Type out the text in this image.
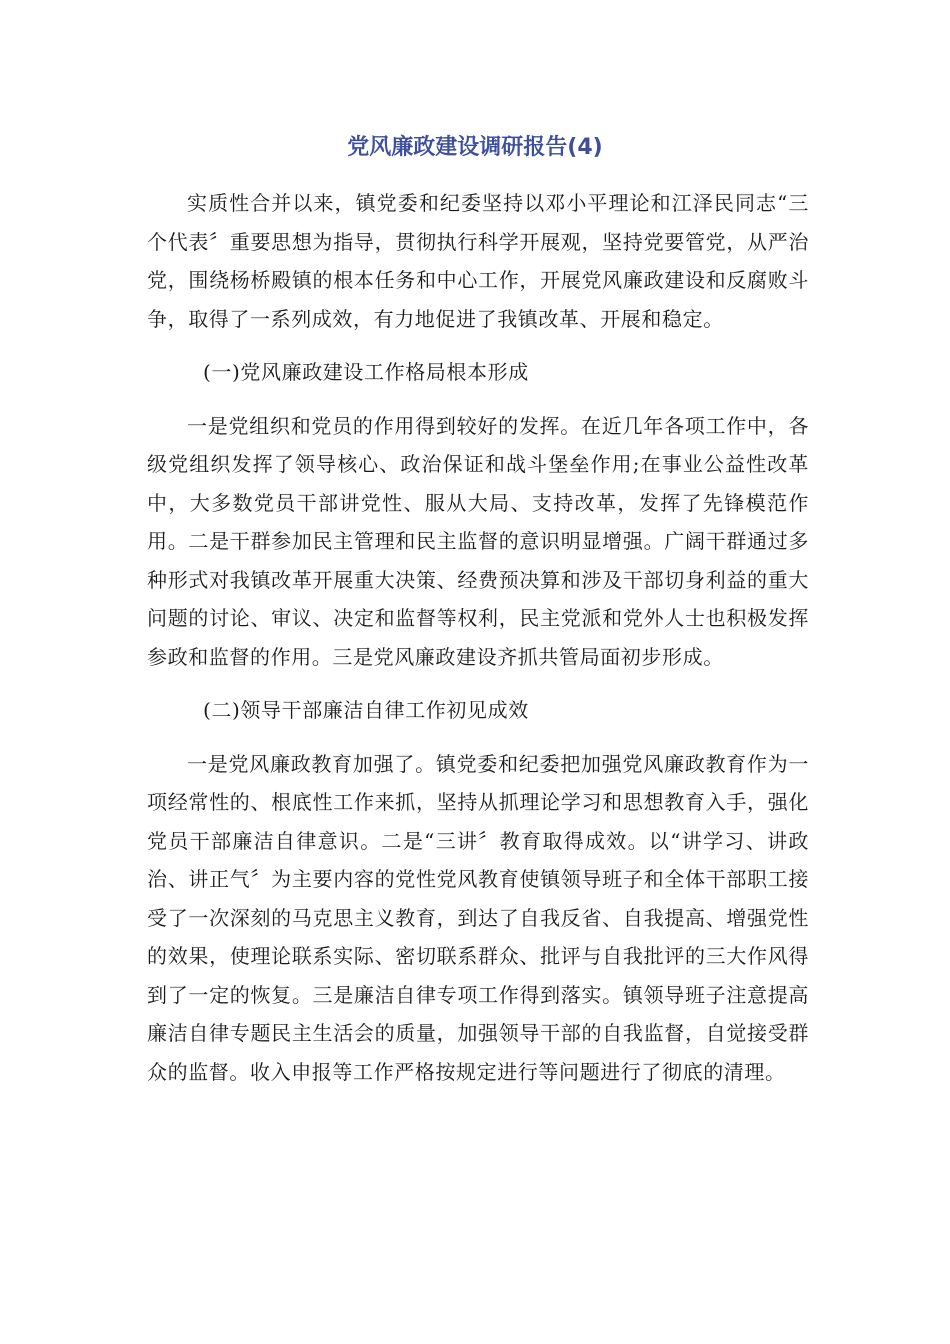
党风廉政建设调研报告(4)

实质性合并以来，镇党委和纪委坚持以邓小平理论和江泽民同志“三个代表〞重要思想为指导，贯彻执行科学开展观，坚持党要管党，从严治党，围绕杨桥殿镇的根本任务和中心工作，开展党风廉政建设和反腐败斗争，取得了一系列成效，有力地促进了我镇改革、开展和稳定。

(一)党风廉政建设工作格局根本形成

一是党组织和党员的作用得到较好的发挥。在近几年各项工作中，各级党组织发挥了领导核心、政治保证和战斗堡垒作用;在事业公益性改革中，大多数党员干部讲党性、服从大局、支持改革，发挥了先锋模范作用。二是干群参加民主管理和民主监督的意识明显增强。广阔干群通过多种形式对我镇改革开展重大决策、经费预决算和涉及干部切身利益的重大问题的讨论、审议、决定和监督等权利，民主党派和党外人士也积极发挥参政和监督的作用。三是党风廉政建设齐抓共管局面初步形成。

(二)领导干部廉洁自律工作初见成效

一是党风廉政教育加强了。镇党委和纪委把加强党风廉政教育作为一项经常性的、根底性工作来抓，坚持从抓理论学习和思想教育入手，强化党员干部廉洁自律意识。二是“三讲〞教育取得成效。以“讲学习、讲政治、讲正气〞为主要内容的党性党风教育使镇领导班子和全体干部职工接受了一次深刻的马克思主义教育，到达了自我反省、自我提高、增强党性的效果，使理论联系实际、密切联系群众、批评与自我批评的三大作风得到了一定的恢复。三是廉洁自律专项工作得到落实。镇领导班子注意提高廉洁自律专题民主生活会的质量，加强领导干部的自我监督，自觉接受群众的监督。收入申报等工作严格按规定进行等问题进行了彻底的清理。
